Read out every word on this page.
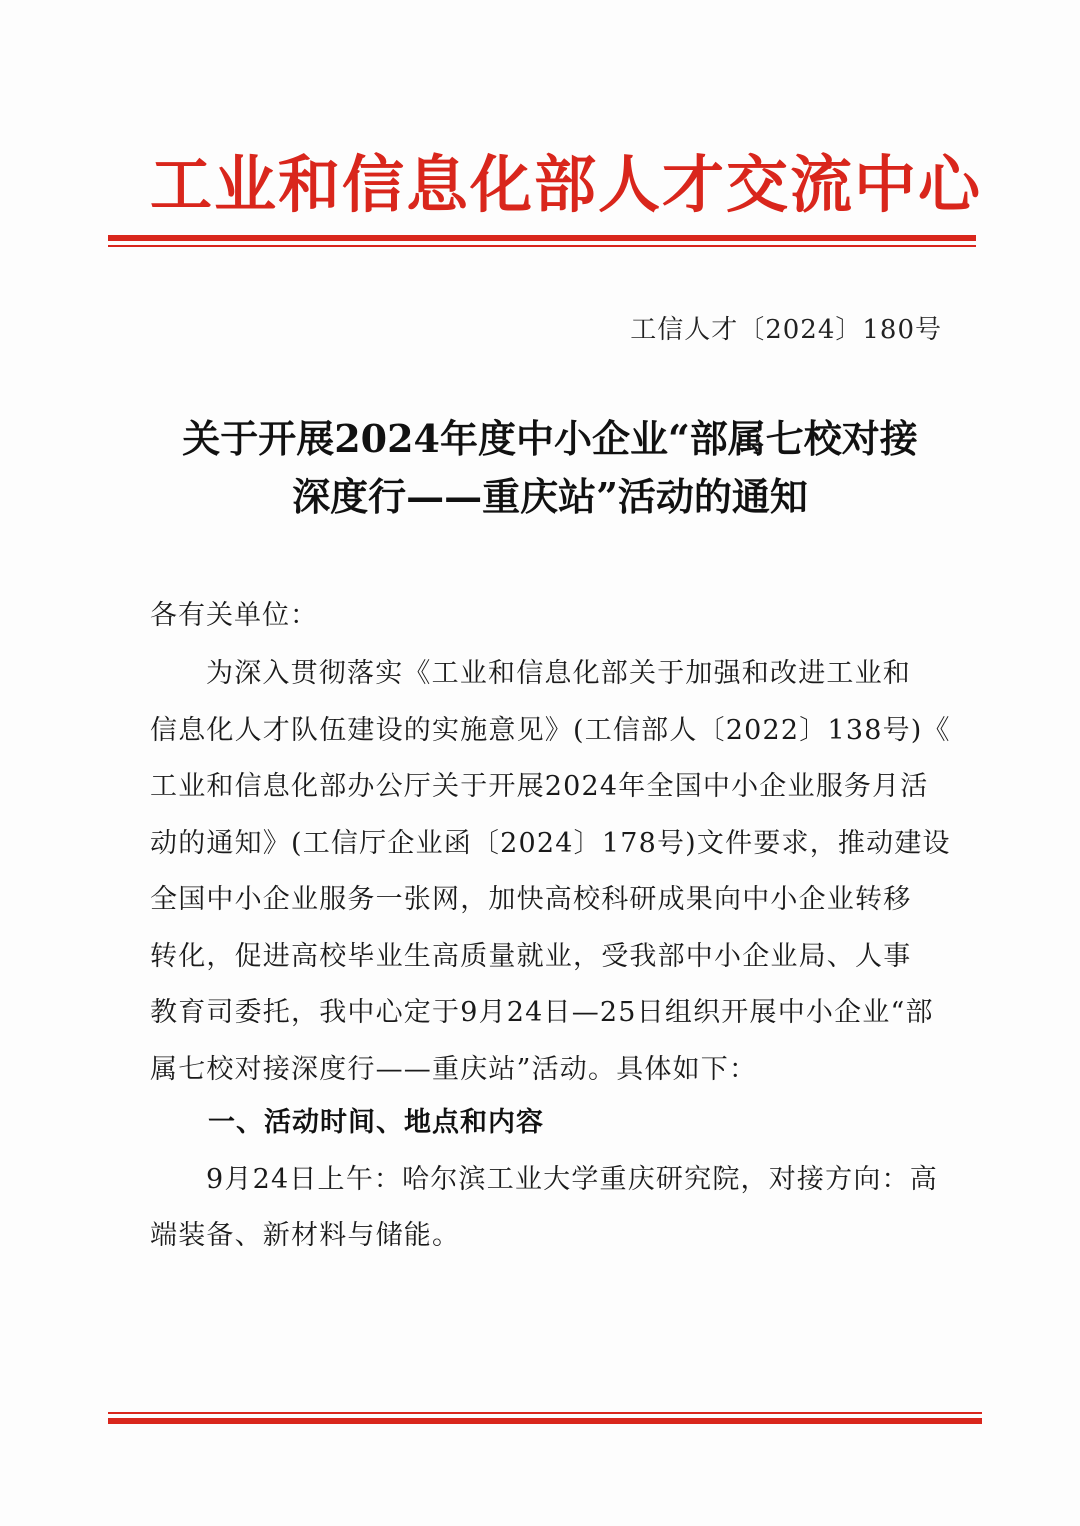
工业和信息化部人才交流中心
工信人才〔2024〕180号
关于开展2024年度中小企业“部属七校对接
深度行——重庆站”活动的通知
各有关单位：
为深入贯彻落实《工业和信息化部关于加强和改进工业和
信息化人才队伍建设的实施意见》(工信部人〔2022〕138号)《
工业和信息化部办公厅关于开展2024年全国中小企业服务月活
动的通知》(工信厅企业函〔2024〕178号)文件要求，推动建设
全国中小企业服务一张网，加快高校科研成果向中小企业转移
转化，促进高校毕业生高质量就业，受我部中小企业局、人事
教育司委托，我中心定于9月24日—25日组织开展中小企业“部
属七校对接深度行——重庆站”活动。具体如下：
一、活动时间、地点和内容
9月24日上午：哈尔滨工业大学重庆研究院，对接方向：高
端装备、新材料与储能。
